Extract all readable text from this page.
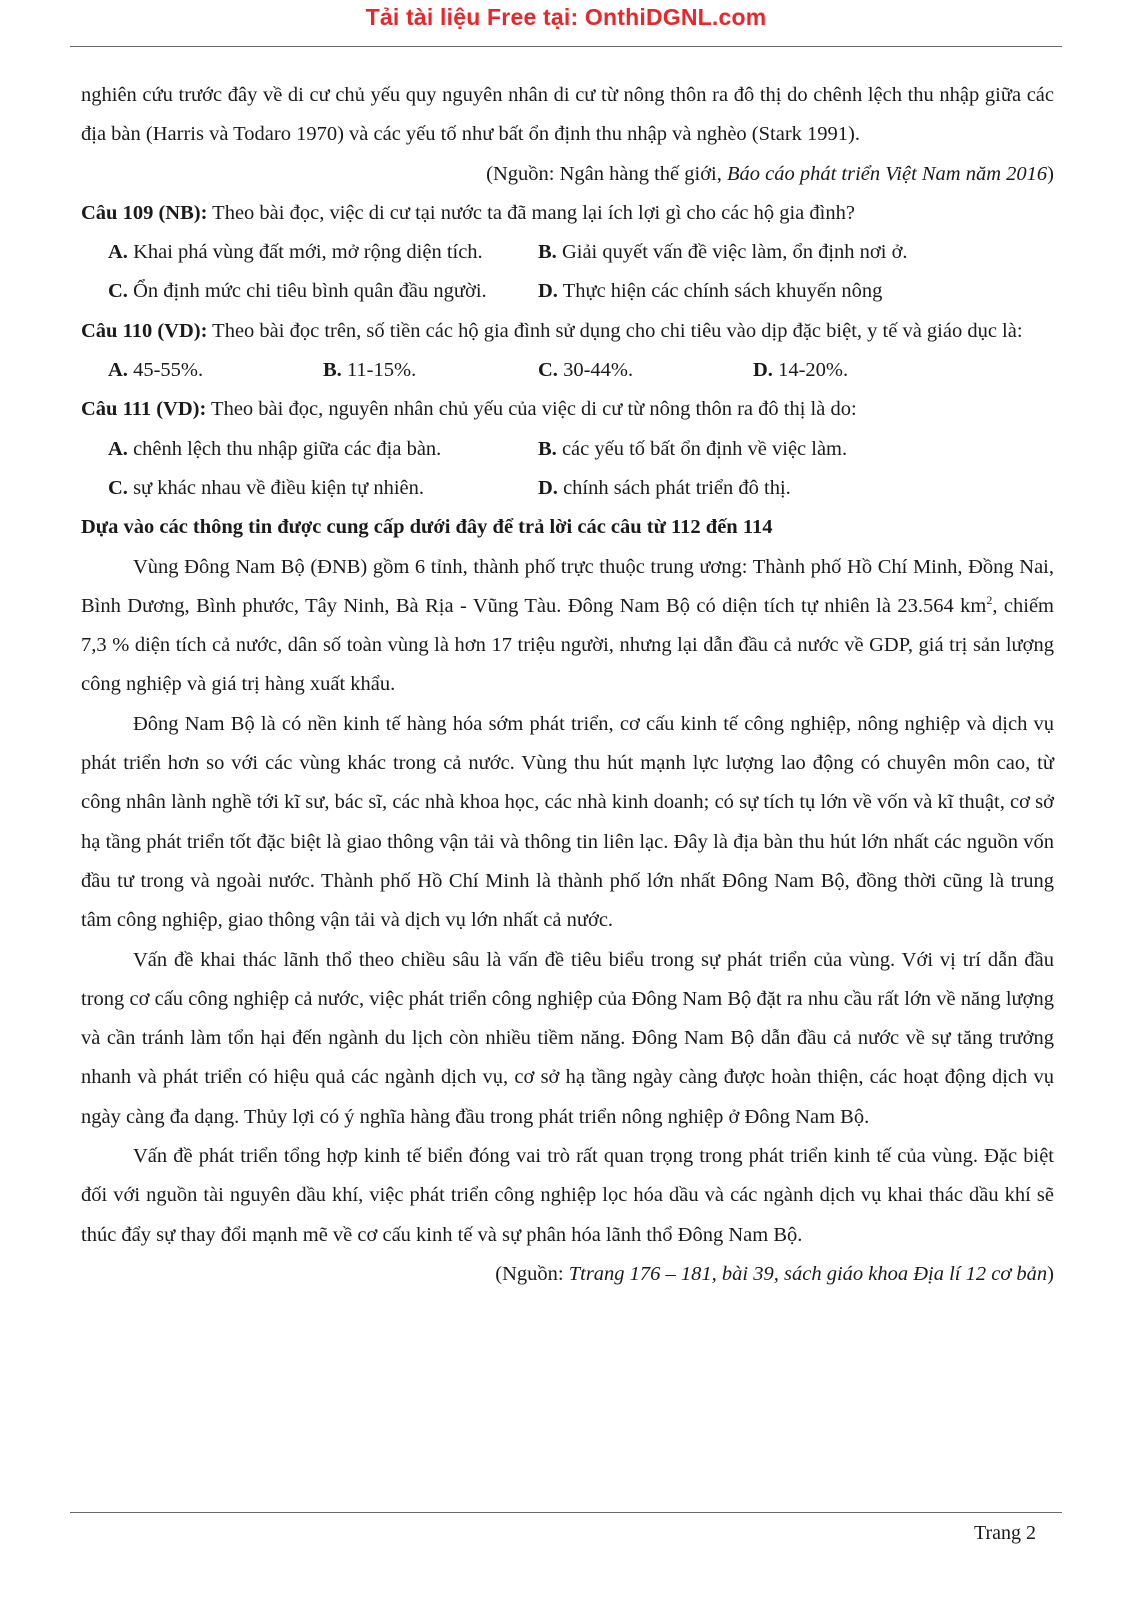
Tải tài liệu Free tại: OnthiDGNL.com

nghiên cứu trước đây về di cư chủ yếu quy nguyên nhân di cư từ nông thôn ra đô thị do chênh lệch thu nhập giữa các địa bàn (Harris và Todaro 1970) và các yếu tố như bất ổn định thu nhập và nghèo (Stark 1991).

(Nguồn: Ngân hàng thế giới, Báo cáo phát triển Việt Nam năm 2016)

Câu 109 (NB): Theo bài đọc, việc di cư tại nước ta đã mang lại ích lợi gì cho các hộ gia đình?

A. Khai phá vùng đất mới, mở rộng diện tích.	B. Giải quyết vấn đề việc làm, ổn định nơi ở.
C. Ổn định mức chi tiêu bình quân đầu người.	D. Thực hiện các chính sách khuyến nông

Câu 110 (VD): Theo bài đọc trên, số tiền các hộ gia đình sử dụng cho chi tiêu vào dịp đặc biệt, y tế và giáo dục là:

A. 45-55%.	B. 11-15%.	C. 30-44%.	D. 14-20%.

Câu 111 (VD): Theo bài đọc, nguyên nhân chủ yếu của việc di cư từ nông thôn ra đô thị là do:

A. chênh lệch thu nhập giữa các địa bàn.	B. các yếu tố bất ổn định về việc làm.
C. sự khác nhau về điều kiện tự nhiên.	D. chính sách phát triển đô thị.

Dựa vào các thông tin được cung cấp dưới đây để trả lời các câu từ 112 đến 114

Vùng Đông Nam Bộ (ĐNB) gồm 6 tỉnh, thành phố trực thuộc trung ương: Thành phố Hồ Chí Minh, Đồng Nai, Bình Dương, Bình phước, Tây Ninh, Bà Rịa - Vũng Tàu. Đông Nam Bộ có diện tích tự nhiên là 23.564 $km^2$, chiếm 7,3 % diện tích cả nước, dân số toàn vùng là hơn 17 triệu người, nhưng lại dẫn đầu cả nước về GDP, giá trị sản lượng công nghiệp và giá trị hàng xuất khẩu.

Đông Nam Bộ là có nền kinh tế hàng hóa sớm phát triển, cơ cấu kinh tế công nghiệp, nông nghiệp và dịch vụ phát triển hơn so với các vùng khác trong cả nước. Vùng thu hút mạnh lực lượng lao động có chuyên môn cao, từ công nhân lành nghề tới kĩ sư, bác sĩ, các nhà khoa học, các nhà kinh doanh; có sự tích tụ lớn về vốn và kĩ thuật, cơ sở hạ tầng phát triển tốt đặc biệt là giao thông vận tải và thông tin liên lạc. Đây là địa bàn thu hút lớn nhất các nguồn vốn đầu tư trong và ngoài nước. Thành phố Hồ Chí Minh là thành phố lớn nhất Đông Nam Bộ, đồng thời cũng là trung tâm công nghiệp, giao thông vận tải và dịch vụ lớn nhất cả nước.

Vấn đề khai thác lãnh thổ theo chiều sâu là vấn đề tiêu biểu trong sự phát triển của vùng. Với vị trí dẫn đầu trong cơ cấu công nghiệp cả nước, việc phát triển công nghiệp của Đông Nam Bộ đặt ra nhu cầu rất lớn về năng lượng và cần tránh làm tổn hại đến ngành du lịch còn nhiều tiềm năng. Đông Nam Bộ dẫn đầu cả nước về sự tăng trưởng nhanh và phát triển có hiệu quả các ngành dịch vụ, cơ sở hạ tầng ngày càng được hoàn thiện, các hoạt động dịch vụ ngày càng đa dạng. Thủy lợi có ý nghĩa hàng đầu trong phát triển nông nghiệp ở Đông Nam Bộ.

Vấn đề phát triển tổng hợp kinh tế biển đóng vai trò rất quan trọng trong phát triển kinh tế của vùng. Đặc biệt đối với nguồn tài nguyên dầu khí, việc phát triển công nghiệp lọc hóa dầu và các ngành dịch vụ khai thác dầu khí sẽ thúc đẩy sự thay đổi mạnh mẽ về cơ cấu kinh tế và sự phân hóa lãnh thổ Đông Nam Bộ.

(Nguồn: Ttrang 176 – 181, bài 39, sách giáo khoa Địa lí 12 cơ bản)

Trang 2
